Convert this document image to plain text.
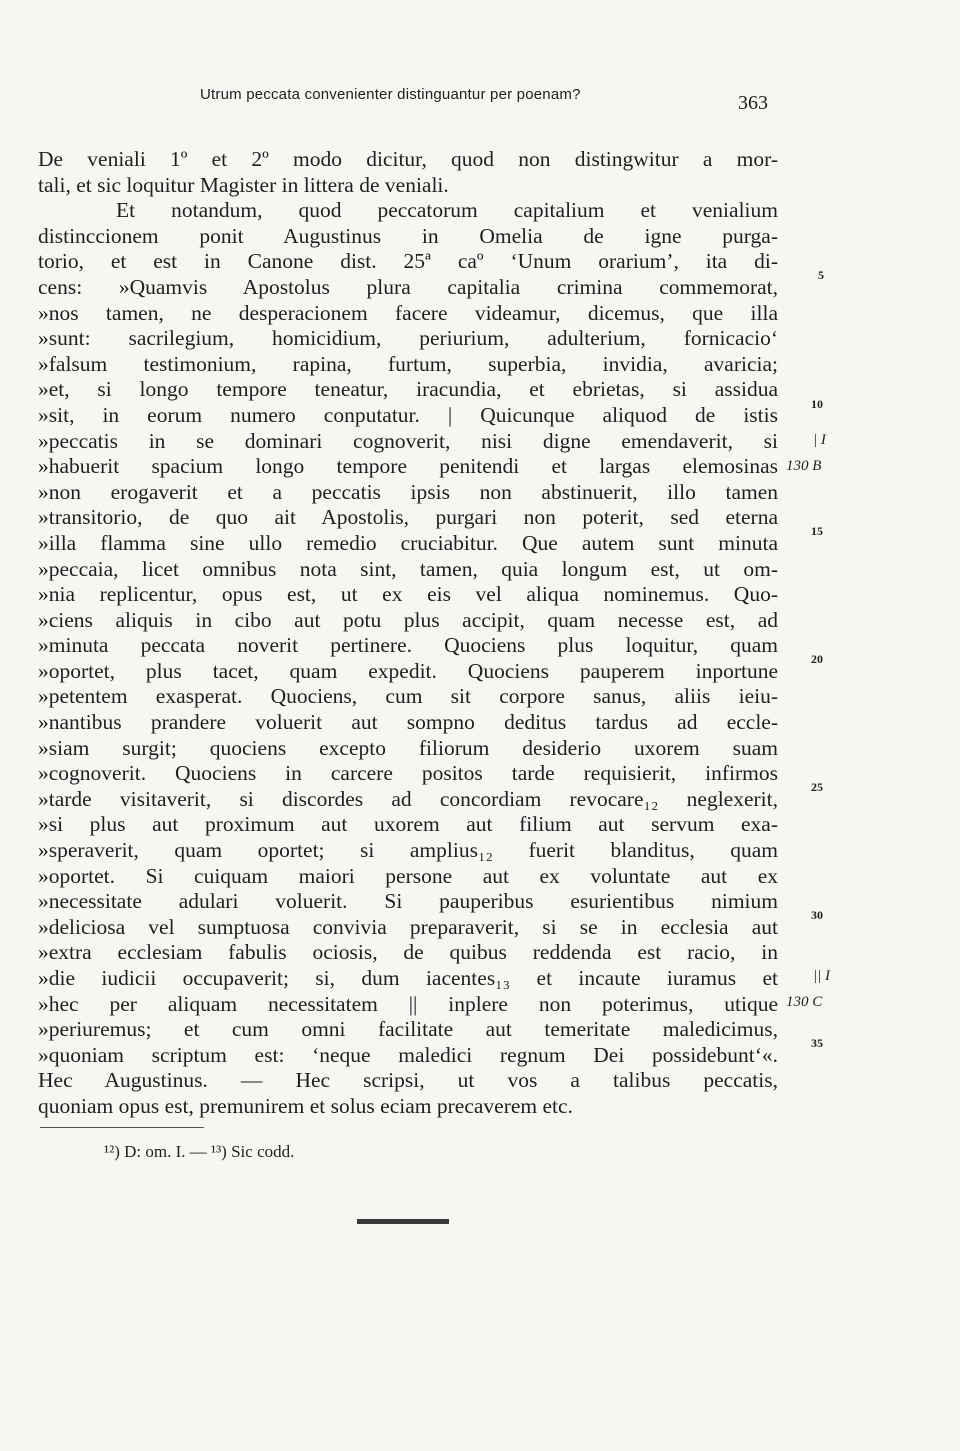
Utrum peccata convenienter distinguantur per poenam?	363
De veniali 1º et 2º modo dicitur, quod non distingwitur a mor-
tali, et sic loquitur Magister in littera de veniali.
Et notandum, quod peccatorum capitalium et venialium
distinccionem ponit Augustinus in Omelia de igne purga-
torio, et est in Canone dist. 25ª caº ‘Unum orarium’, ita di-
cens: »Quamvis Apostolus plura capitalia crimina commemorat,
»nos tamen, ne desperacionem facere videamur, dicemus, que illa
»sunt: sacrilegium, homicidium, periurium, adulterium, fornicacio‘
»falsum testimonium, rapina, furtum, superbia, invidia, avaricia;
»et, si longo tempore teneatur, iracundia, et ebrietas, si assidua
»sit, in eorum numero conputatur. | Quicunque aliquod de istis
»peccatis in se dominari cognoverit, nisi digne emendaverit, si
»habuerit spacium longo tempore penitendi et largas elemosinas
»non erogaverit et a peccatis ipsis non abstinuerit, illo tamen
»transitorio, de quo ait Apostolis, purgari non poterit, sed eterna
»illa flamma sine ullo remedio cruciabitur. Que autem sunt minuta
»peccaia, licet omnibus nota sint, tamen, quia longum est, ut om-
»nia replicentur, opus est, ut ex eis vel aliqua nominemus. Quo-
»ciens aliquis in cibo aut potu plus accipit, quam necesse est, ad
»minuta peccata noverit pertinere. Quociens plus loquitur, quam
»oportet, plus tacet, quam expedit. Quociens pauperem inportune
»petentem exasperat. Quociens, cum sit corpore sanus, aliis ieiu-
»nantibus prandere voluerit aut sompno deditus tardus ad eccle-
»siam surgit; quociens excepto filiorum desiderio uxorem suam
»cognoverit. Quociens in carcere positos tarde requisierit, infirmos
»tarde visitaverit, si discordes ad concordiam revocare₁₂ neglexerit,
»si plus aut proximum aut uxorem aut filium aut servum exa-
»speraverit, quam oportet; si amplius₁₂ fuerit blanditus, quam
»oportet. Si cuiquam maiori persone aut ex voluntate aut ex
»necessitate adulari voluerit. Si pauperibus esurientibus nimium
»deliciosa vel sumptuosa convivia preparaverit, si se in ecclesia aut
»extra ecclesiam fabulis ociosis, de quibus reddenda est racio, in
»die iudicii occupaverit; si, dum iacentes₁₃ et incaute iuramus et
»hec per aliquam necessitatem || inplere non poterimus, utique
»periuremus; et cum omni facilitate aut temeritate maledicimus,
»quoniam scriptum est: ‘neque maledici regnum Dei possidebunt‘«.
Hec Augustinus. — Hec scripsi, ut vos a talibus peccatis,
quoniam opus est, premunirem et solus eciam precaverem etc.
5
10
15
20
25
30
35
| I
130 B
|| I
130 C
¹²) D: om. I. — ¹³) Sic codd.
